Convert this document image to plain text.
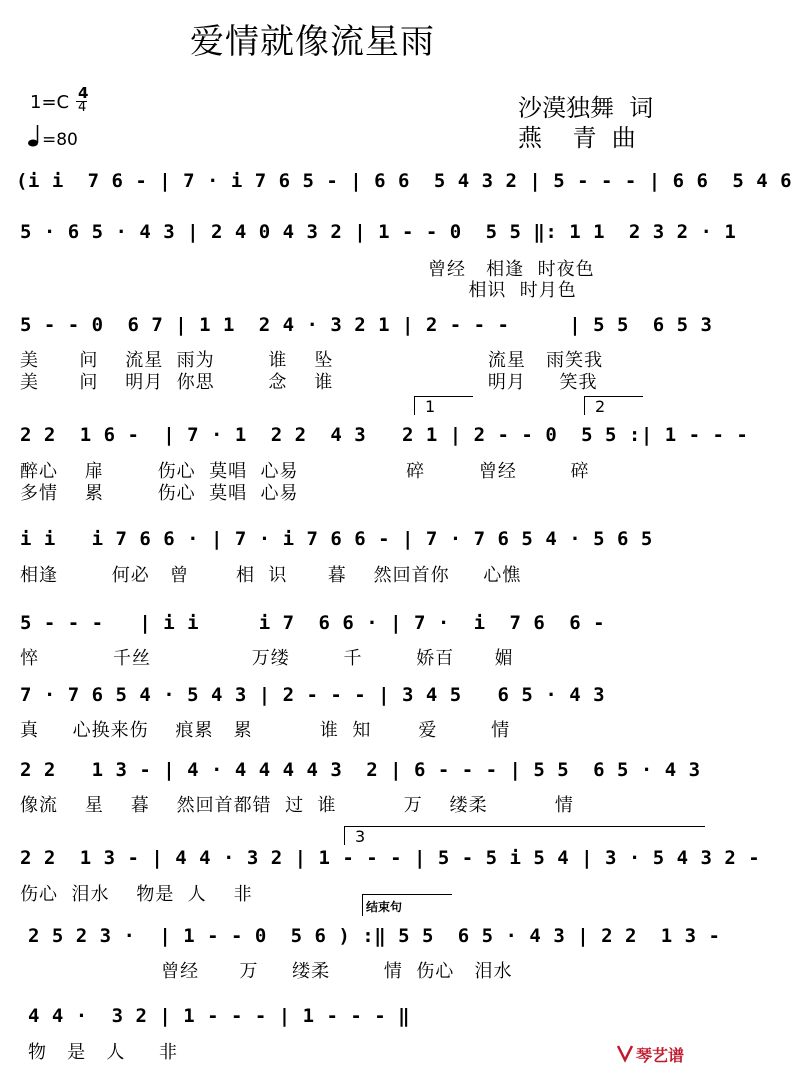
爱情就像流星雨
1=C 4
4
=80
沙漠独舞  词
燕    青  曲
(i i  7 6 - | 7 · i 7 6 5 - | 6 6  5 4 3 2 | 5 - - - | 6 6  5 4 6
5 · 6 5 · 4 3 | 2 4 0 4 3 2 | 1 - - 0  5 5 ‖: 1 1  2 3 2 · 1
曾经   相逢  时夜色
相识  时月色
5 - - 0  6 7 | 1 1  2 4 · 3 2 1 | 2 - - -     | 5 5  6 5 3
美      问    流星  雨为        谁    坠                       流星   雨笑我
美      问    明月  你思        念    谁                       明月     笑我
1	2
2 2  1 6 -  | 7 · 1  2 2  4 3   2 1 | 2 - - 0  5 5 :| 1 - - -
醉心    扉        伤心  莫唱  心易                碎        曾经        碎
多情    累        伤心  莫唱  心易
i i   i 7 6 6 · | 7 · i 7 6 6 - | 7 · 7 6 5 4 · 5 6 5
相逢        何必   曾       相  识      暮    然回首你     心憔
5 - - -   | i i     i 7  6 6 · | 7 ·  i  7 6  6 -
悴           千丝               万缕        千        娇百      媚
7 · 7 6 5 4 · 5 4 3 | 2 - - - | 3 4 5   6 5 · 4 3
真     心换来伤    痕累   累          谁  知       爱        情
2 2   1 3 - | 4 · 4 4 4 4 3  2 | 6 - - - | 5 5  6 5 · 4 3
像流    星    暮    然回首都错  过  谁          万    缕柔          情
3
2 2  1 3 - | 4 4 · 3 2 | 1 - - - | 5 - 5 i 5 4 | 3 · 5 4 3 2 -
伤心  泪水    物是  人    非
结束句
2 5 2 3 ·  | 1 - - 0  5 6 ) :‖ 5 5  6 5 · 4 3 | 2 2  1 3 -
曾经      万     缕柔        情  伤心   泪水
4 4 ·  3 2 | 1 - - - | 1 - - - ‖
物   是   人     非	琴艺谱
